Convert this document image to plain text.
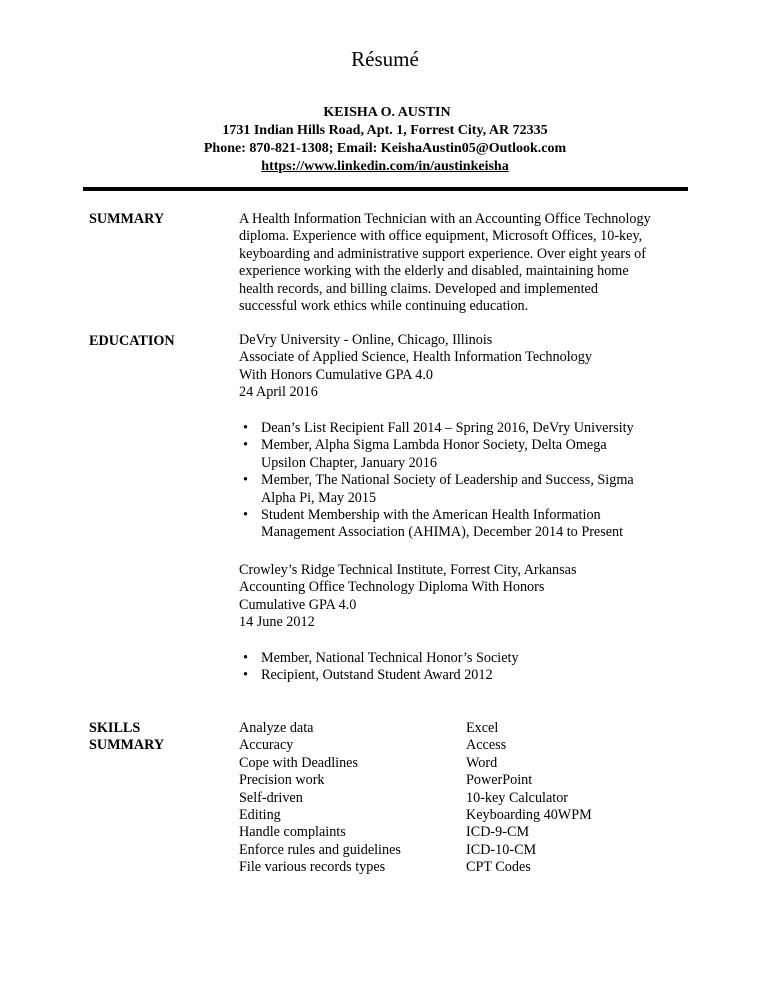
Résumé
KEISHA O. AUSTIN
1731 Indian Hills Road, Apt. 1, Forrest City, AR 72335
Phone: 870-821-1308; Email: KeishaAustin05@Outlook.com
https://www.linkedin.com/in/austinkeisha
SUMMARY	A Health Information Technician with an Accounting Office Technology
diploma. Experience with office equipment, Microsoft Offices, 10-key,
keyboarding and administrative support experience. Over eight years of
experience working with the elderly and disabled, maintaining home
health records, and billing claims. Developed and implemented
successful work ethics while continuing education.
EDUCATION	DeVry University - Online, Chicago, Illinois
Associate of Applied Science, Health Information Technology
With Honors Cumulative GPA 4.0
24 April 2016
• Dean’s List Recipient Fall 2014 – Spring 2016, DeVry University
• Member, Alpha Sigma Lambda Honor Society, Delta Omega
Upsilon Chapter, January 2016
• Member, The National Society of Leadership and Success, Sigma
Alpha Pi, May 2015
• Student Membership with the American Health Information
Management Association (AHIMA), December 2014 to Present
Crowley’s Ridge Technical Institute, Forrest City, Arkansas
Accounting Office Technology Diploma With Honors
Cumulative GPA 4.0
14 June 2012
• Member, National Technical Honor’s Society
• Recipient, Outstand Student Award 2012
SKILLS
SUMMARY
Analyze data
Accuracy
Cope with Deadlines
Precision work
Self-driven
Editing
Handle complaints
Enforce rules and guidelines
File various records types
Excel
Access
Word
PowerPoint
10-key Calculator
Keyboarding 40WPM
ICD-9-CM
ICD-10-CM
CPT Codes
